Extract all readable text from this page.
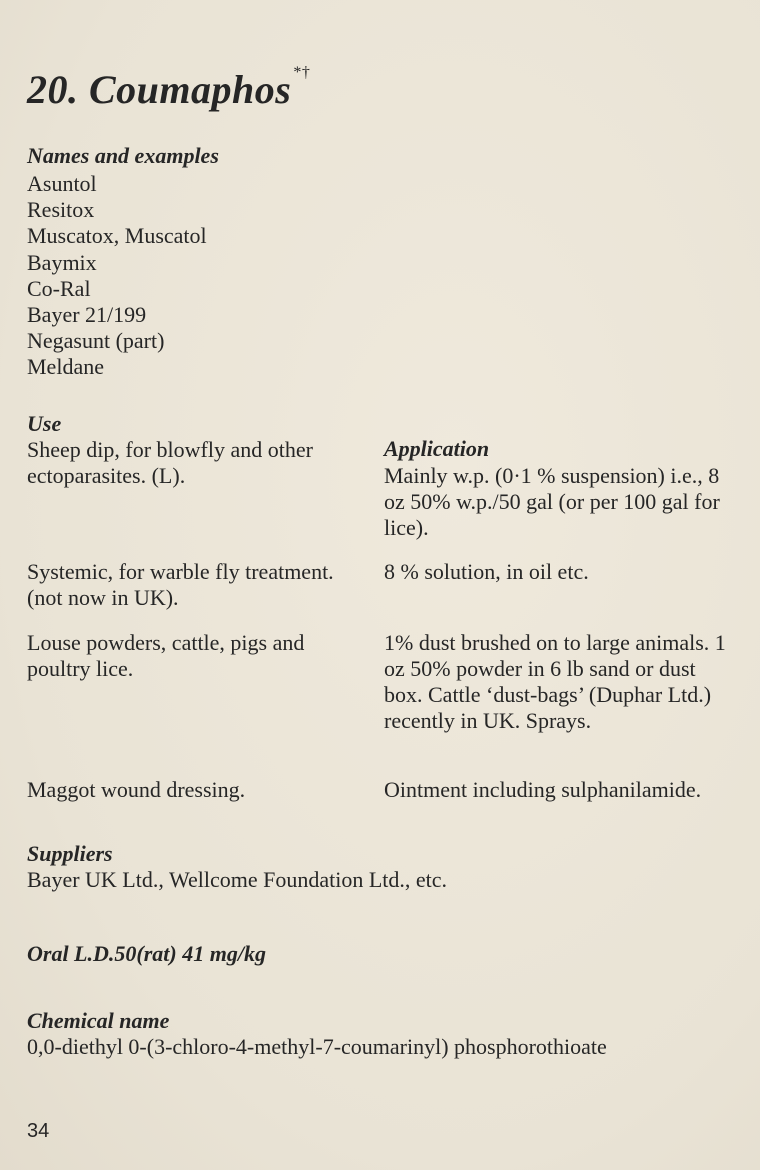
20. Coumaphos *†
Names and examples
Asuntol
Resitox
Muscatox, Muscatol
Baymix
Co-Ral
Bayer 21/199
Negasunt (part)
Meldane
Use
Application
Sheep dip, for blowfly and other ectoparasites. (L).	Mainly w.p. (0·1 % suspension) i.e., 8 oz 50% w.p./50 gal (or per 100 gal for lice).
Systemic, for warble fly treatment. (not now in UK).
8 % solution, in oil etc.
Louse powders, cattle, pigs and poultry lice.
1% dust brushed on to large animals. 1 oz 50% powder in 6 lb sand or dust box. Cattle ‘dust-bags’ (Duphar Ltd.) recently in UK. Sprays.
Maggot wound dressing.	Ointment including sulphanilamide.
Suppliers
Bayer UK Ltd., Wellcome Foundation Ltd., etc.
Oral L.D.50(rat) 41 mg/kg
Chemical name
0,0-diethyl 0-(3-chloro-4-methyl-7-coumarinyl) phosphorothioate
34
